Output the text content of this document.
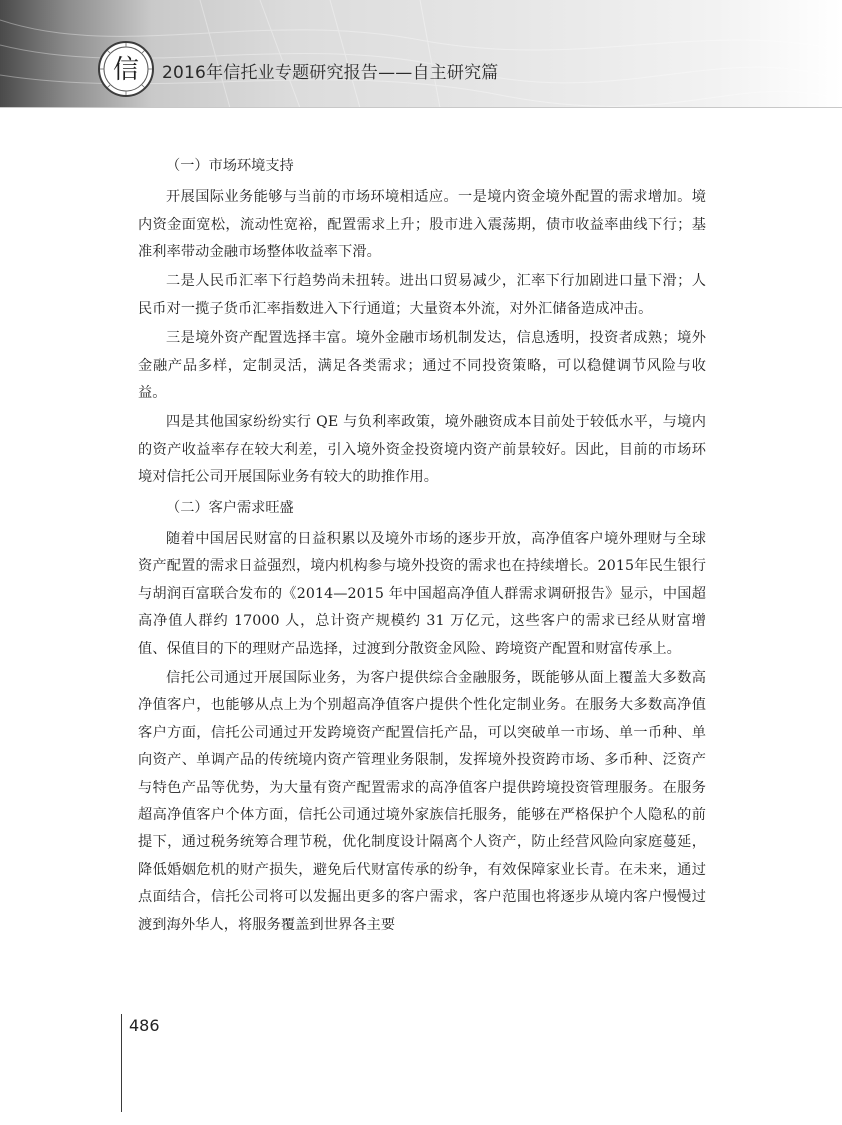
信 2016年信托业专题研究报告——自主研究篇

（一）市场环境支持

开展国际业务能够与当前的市场环境相适应。一是境内资金境外配置的需求增加。境内资金面宽松，流动性宽裕，配置需求上升；股市进入震荡期，债市收益率曲线下行；基准利率带动金融市场整体收益率下滑。

二是人民币汇率下行趋势尚未扭转。进出口贸易减少，汇率下行加剧进口量下滑；人民币对一揽子货币汇率指数进入下行通道；大量资本外流，对外汇储备造成冲击。

三是境外资产配置选择丰富。境外金融市场机制发达，信息透明，投资者成熟；境外金融产品多样，定制灵活，满足各类需求；通过不同投资策略，可以稳健调节风险与收益。

四是其他国家纷纷实行 QE 与负利率政策，境外融资成本目前处于较低水平，与境内的资产收益率存在较大利差，引入境外资金投资境内资产前景较好。因此，目前的市场环境对信托公司开展国际业务有较大的助推作用。

（二）客户需求旺盛

随着中国居民财富的日益积累以及境外市场的逐步开放，高净值客户境外理财与全球资产配置的需求日益强烈，境内机构参与境外投资的需求也在持续增长。2015年民生银行与胡润百富联合发布的《2014—2015 年中国超高净值人群需求调研报告》显示，中国超高净值人群约 17000 人，总计资产规模约 31 万亿元，这些客户的需求已经从财富增值、保值目的下的理财产品选择，过渡到分散资金风险、跨境资产配置和财富传承上。

信托公司通过开展国际业务，为客户提供综合金融服务，既能够从面上覆盖大多数高净值客户，也能够从点上为个别超高净值客户提供个性化定制业务。在服务大多数高净值客户方面，信托公司通过开发跨境资产配置信托产品，可以突破单一市场、单一币种、单向资产、单调产品的传统境内资产管理业务限制，发挥境外投资跨市场、多币种、泛资产与特色产品等优势，为大量有资产配置需求的高净值客户提供跨境投资管理服务。在服务超高净值客户个体方面，信托公司通过境外家族信托服务，能够在严格保护个人隐私的前提下，通过税务统筹合理节税，优化制度设计隔离个人资产，防止经营风险向家庭蔓延，降低婚姻危机的财产损失，避免后代财富传承的纷争，有效保障家业长青。在未来，通过点面结合，信托公司将可以发掘出更多的客户需求，客户范围也将逐步从境内客户慢慢过渡到海外华人，将服务覆盖到世界各主要

486
